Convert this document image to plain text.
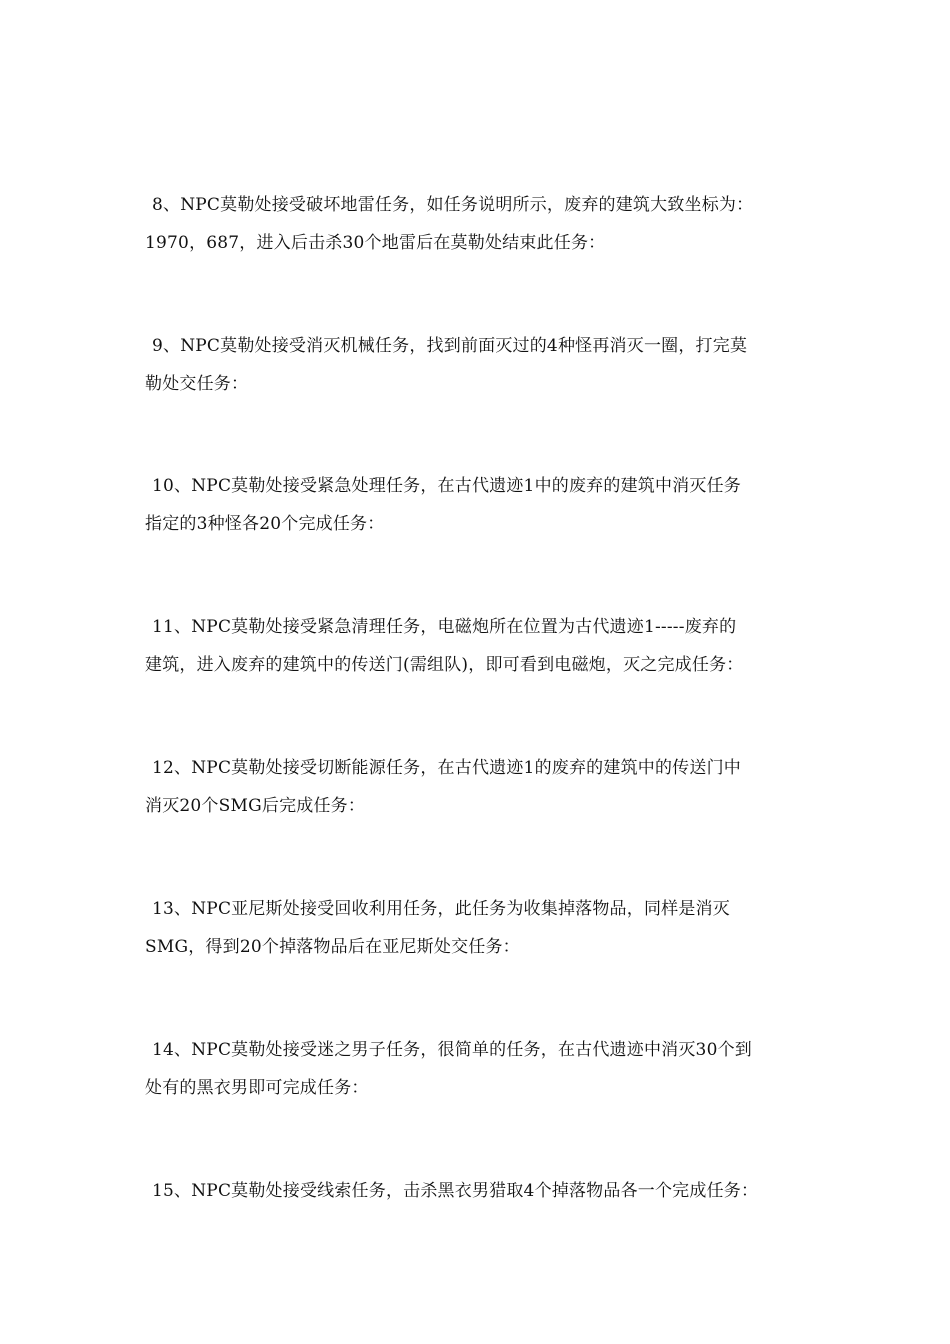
8、NPC莫勒处接受破坏地雷任务，如任务说明所示，废弃的建筑大致坐标为：
1970，687，进入后击杀30个地雷后在莫勒处结束此任务：

9、NPC莫勒处接受消灭机械任务，找到前面灭过的4种怪再消灭一圈，打完莫
勒处交任务：

10、NPC莫勒处接受紧急处理任务，在古代遗迹1中的废弃的建筑中消灭任务
指定的3种怪各20个完成任务：

11、NPC莫勒处接受紧急清理任务，电磁炮所在位置为古代遗迹1-----废弃的
建筑，进入废弃的建筑中的传送门(需组队)，即可看到电磁炮，灭之完成任务：

12、NPC莫勒处接受切断能源任务，在古代遗迹1的废弃的建筑中的传送门中
消灭20个SMG后完成任务：

13、NPC亚尼斯处接受回收利用任务，此任务为收集掉落物品，同样是消灭
SMG，得到20个掉落物品后在亚尼斯处交任务：

14、NPC莫勒处接受迷之男子任务，很简单的任务，在古代遗迹中消灭30个到
处有的黑衣男即可完成任务：

15、NPC莫勒处接受线索任务，击杀黑衣男猎取4个掉落物品各一个完成任务：
